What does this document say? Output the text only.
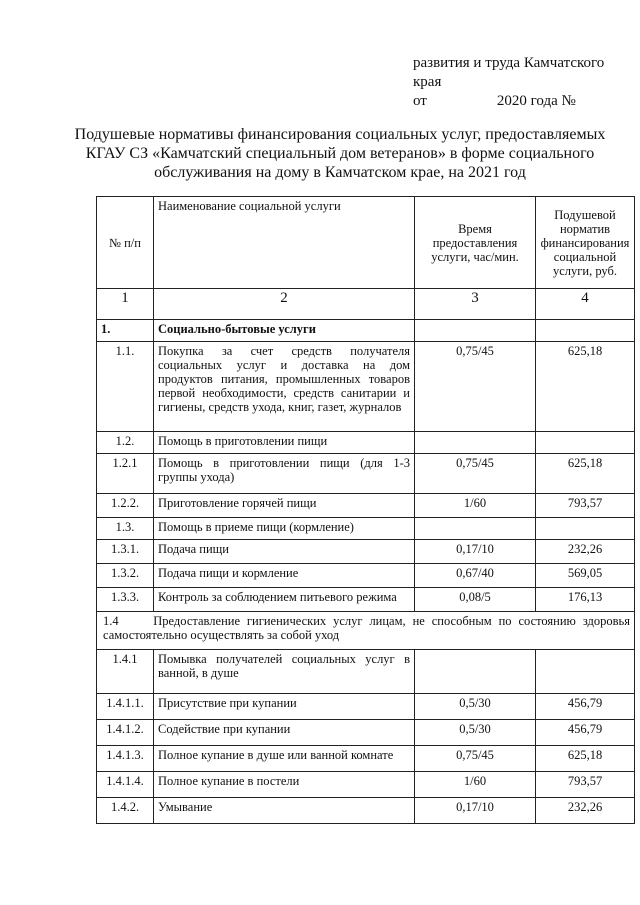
развития и труда Камчатского
края
от	2020 года №
Подушевые нормативы финансирования социальных услуг, предоставляемых КГАУ СЗ «Камчатский специальный дом ветеранов» в форме социального обслуживания на дому в Камчатском крае, на 2021 год
№ п/п	Наименование социальной услуги	Время предоставления услуги, час/мин.	Подушевой норматив финансирования социальной услуги, руб.
1	2	3	4
1.	Социально-бытовые услуги		
1.1.	Покупка за счет средств получателя социальных услуг и доставка на дом продуктов питания, промышленных товаров первой необходимости, средств санитарии и гигиены, средств ухода, книг, газет, журналов	0,75/45	625,18
1.2.	Помощь в приготовлении пищи		
1.2.1	Помощь в приготовлении пищи (для 1-3 группы ухода)	0,75/45	625,18
1.2.2.	Приготовление горячей пищи	1/60	793,57
1.3.	Помощь в приеме пищи (кормление)		
1.3.1.	Подача пищи	0,17/10	232,26
1.3.2.	Подача пищи и кормление	0,67/40	569,05
1.3.3.	Контроль за соблюдением питьевого режима	0,08/5	176,13
1.4 Предоставление гигиенических услуг лицам, не способным по состоянию здоровья самостоятельно осуществлять за собой уход			
1.4.1	Помывка получателей социальных услуг в ванной, в душе		
1.4.1.1.	Присутствие при купании	0,5/30	456,79
1.4.1.2.	Содействие при купании	0,5/30	456,79
1.4.1.3.	Полное купание в душе или ванной комнате	0,75/45	625,18
1.4.1.4.	Полное купание в постели	1/60	793,57
1.4.2.	Умывание	0,17/10	232,26
